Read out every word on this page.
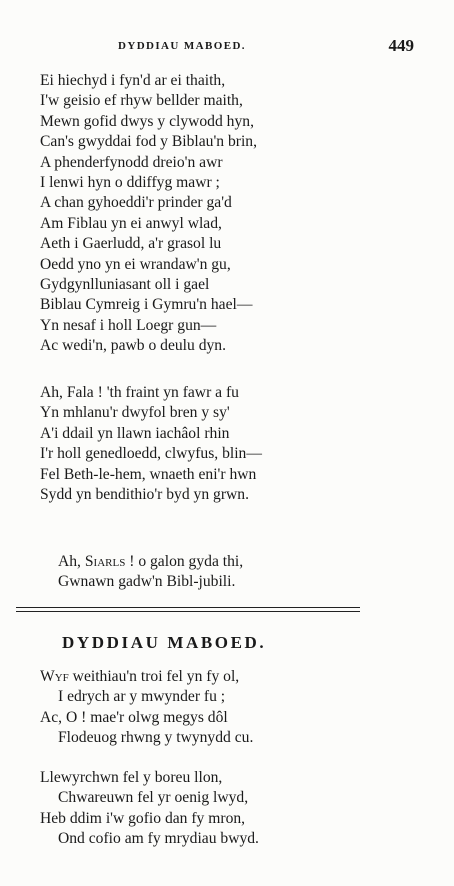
DYDDIAU MABOED.	449
Ei hiechyd i fyn'd ar ei thaith,
I'w geisio ef rhyw bellder maith,
Mewn gofid dwys y clywodd hyn,
Can's gwyddai fod y Biblau'n brin,
A phenderfynodd dreio'n awr
I lenwi hyn o ddiffyg mawr ;
A chan gyhoeddi'r prinder ga'd
Am Fiblau yn ei anwyl wlad,
Aeth i Gaerludd, a'r grasol lu
Oedd yno yn ei wrandaw'n gu,
Gydgynlluniasant oll i gael
Biblau Cymreig i Gymru'n hael—
Yn nesaf i holl Loegr gun—
Ac wedi'n, pawb o deulu dyn.
Ah, Fala ! 'th fraint yn fawr a fu
Yn mhlanu'r dwyfol bren y sy'
A'i ddail yn llawn iachâol rhin
I'r holl genedloedd, clwyfus, blin—
Fel Beth-le-hem, wnaeth eni'r hwn
Sydd yn bendithio'r byd yn grwn.
Ah, Siarls ! o galon gyda thi,
Gwnawn gadw'n Bibl-jubili.
DYDDIAU MABOED.
Wyf weithiau'n troi fel yn fy ol,
I edrych ar y mwynder fu ;
Ac, O ! mae'r olwg megys dôl
Flodeuog rhwng y twynydd cu.
Llewyrchwn fel y boreu llon,
Chwareuwn fel yr oenig lwyd,
Heb ddim i'w gofio dan fy mron,
Ond cofio am fy mrydiau bwyd.
